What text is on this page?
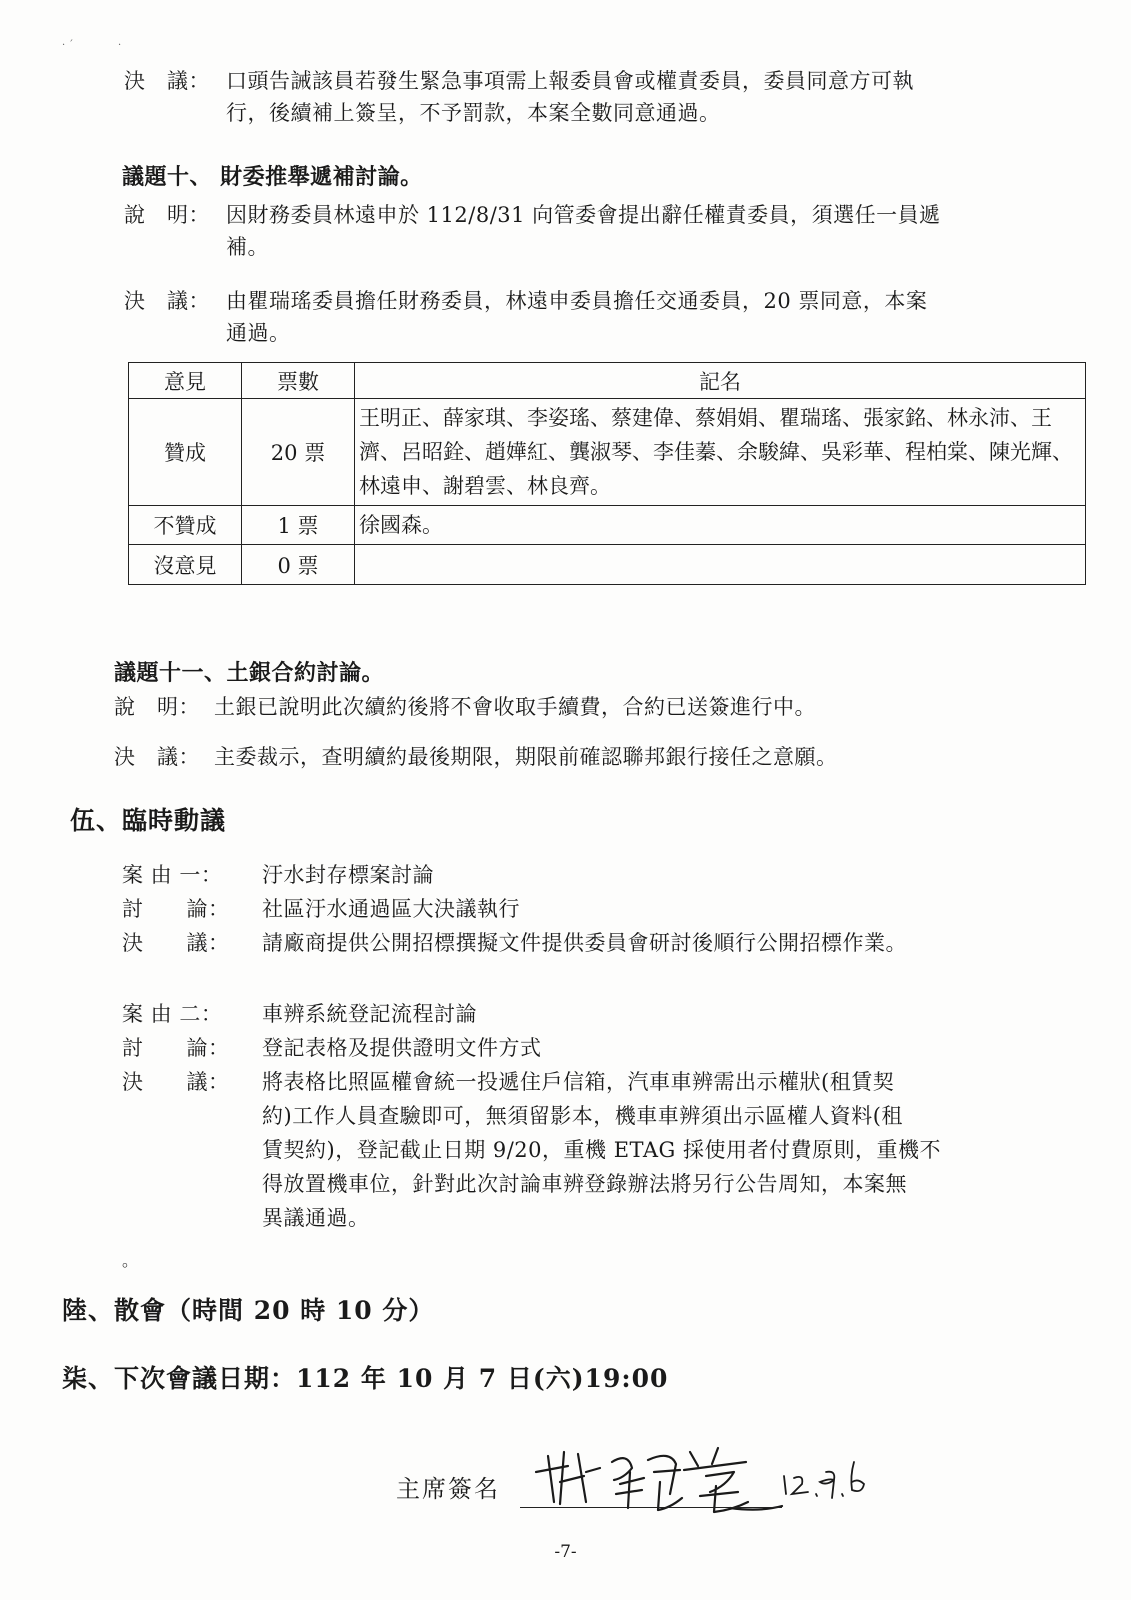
· ˊ	·
決　議： 口頭告誡該員若發生緊急事項需上報委員會或權責委員，委員同意方可執
行，後續補上簽呈，不予罰款，本案全數同意通過。
議題十、 財委推舉遞補討論。
說　明： 因財務委員林遠申於 112/8/31 向管委會提出辭任權責委員，須選任一員遞
補。
決　議： 由瞿瑞瑤委員擔任財務委員，林遠申委員擔任交通委員，20 票同意，本案
通過。
意見	票數	記名
贊成	20 票	王明正、薛家琪、李姿瑤、蔡建偉、蔡娟娟、瞿瑞瑤、張家銘、林永沛、王　濟、呂昭銓、趙嬅紅、龔淑琴、李佳蓁、余駿緯、吳彩華、程柏棠、陳光輝、林遠申、謝碧雲、林良齊。
不贊成	1 票	徐國森。
沒意見	0 票	
議題十一、土銀合約討論。
說　明： 土銀已說明此次續約後將不會收取手續費，合約已送簽進行中。
決　議： 主委裁示，查明續約最後期限，期限前確認聯邦銀行接任之意願。
伍、臨時動議
案 由 一： 汙水封存標案討論
討　　論： 社區汙水通過區大決議執行
決　　議： 請廠商提供公開招標撰擬文件提供委員會研討後順行公開招標作業。
案 由 二： 車辨系統登記流程討論
討　　論： 登記表格及提供證明文件方式
決　　議： 將表格比照區權會統一投遞住戶信箱，汽車車辨需出示權狀(租賃契
約)工作人員查驗即可，無須留影本，機車車辨須出示區權人資料(租
賃契約)，登記截止日期 9/20，重機 ETAG 採使用者付費原則，重機不
得放置機車位，針對此次討論車辨登錄辦法將另行公告周知，本案無
異議通過。
。
陸、散會（時間 20 時 10 分）
柒、下次會議日期：112 年 10 月 7 日(六)19:00
主席簽名
-7-
